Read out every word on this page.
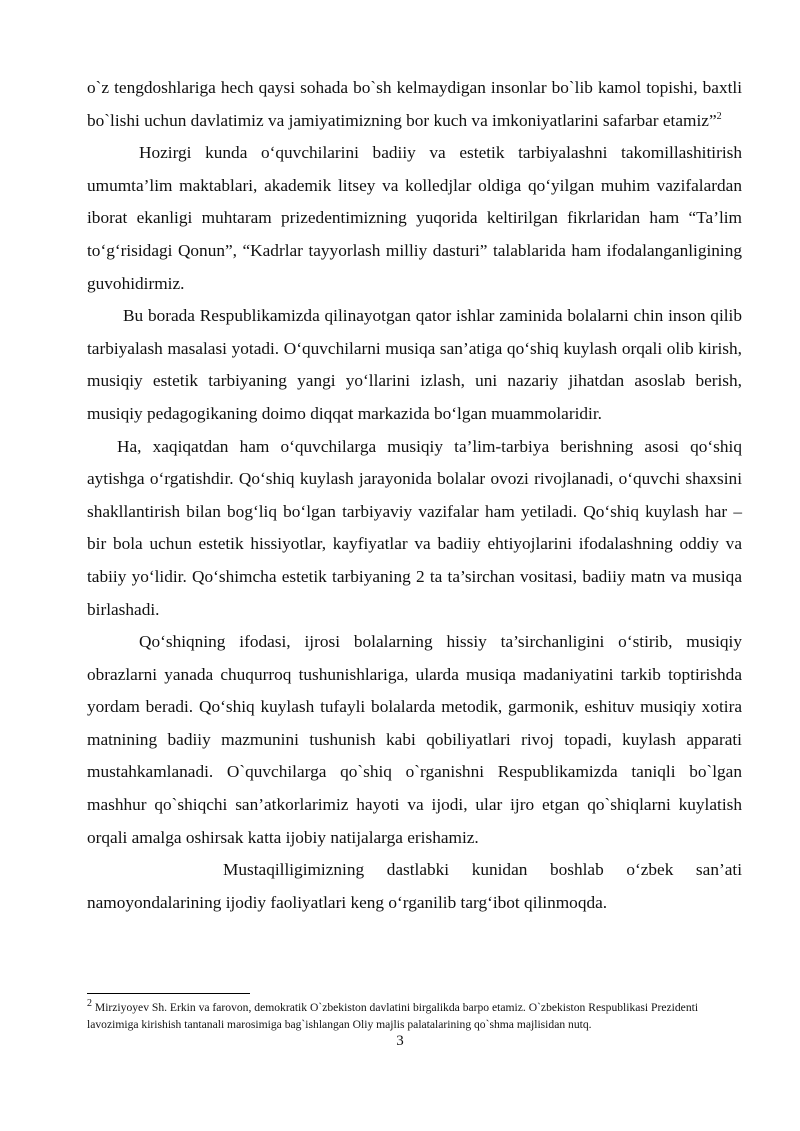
o`z tengdoshlariga hech qaysi sohada bo`sh kelmaydigan insonlar bo`lib kamol topishi, baxtli bo`lishi uchun davlatimiz va jamiyatimizning bor kuch va imkoniyatlarini safarbar etamiz”$^2$

Hozirgi kunda o‘quvchilarini badiiy va estetik tarbiyalashni takomillashitirish umumta’lim maktablari, akademik litsey va kolledjlar oldiga qo‘yilgan muhim vazifalardan iborat ekanligi muhtaram prizedentimizning yuqorida keltirilgan fikrlaridan ham “Ta’lim to‘g‘risidagi Qonun”, “Kadrlar tayyorlash milliy dasturi” talablarida ham ifodalanganligining guvohidirmiz.

Bu borada Respublikamizda qilinayotgan qator ishlar zaminida bolalarni chin inson qilib tarbiyalash masalasi yotadi. O‘quvchilarni musiqa san’atiga qo‘shiq kuylash orqali olib kirish, musiqiy estetik tarbiyaning yangi yo‘llarini izlash, uni nazariy jihatdan asoslab berish, musiqiy pedagogikaning doimo diqqat markazida bo‘lgan muammolaridir.

Ha, xaqiqatdan ham o‘quvchilarga musiqiy ta’lim-tarbiya berishning asosi qo‘shiq aytishga o‘rgatishdir. Qo‘shiq kuylash jarayonida bolalar ovozi rivojlanadi, o‘quvchi shaxsini shakllantirish bilan bog‘liq bo‘lgan tarbiyaviy vazifalar ham yetiladi. Qo‘shiq kuylash har – bir bola uchun estetik hissiyotlar, kayfiyatlar va badiiy ehtiyojlarini ifodalashning oddiy va tabiiy yo‘lidir. Qo‘shimcha estetik tarbiyaning 2 ta ta’sirchan vositasi, badiiy matn va musiqa birlashadi.

Qo‘shiqning ifodasi, ijrosi bolalarning hissiy ta’sirchanligini o‘stirib, musiqiy obrazlarni yanada chuqurroq tushunishlariga, ularda musiqa madaniyatini tarkib toptirishda yordam beradi. Qo‘shiq kuylash tufayli bolalarda metodik, garmonik, eshituv musiqiy xotira matnining badiiy mazmunini tushunish kabi qobiliyatlari rivoj topadi, kuylash apparati mustahkamlanadi. O`quvchilarga qo`shiq o`rganishni Respublikamizda taniqli bo`lgan mashhur qo`shiqchi san’atkorlarimiz hayoti va ijodi, ular ijro etgan qo`shiqlarni kuylatish orqali amalga oshirsak katta ijobiy natijalarga erishamiz.

Mustaqilligimizning dastlabki kunidan boshlab o‘zbek san’ati namoyondalarining ijodiy faoliyatlari keng o‘rganilib targ‘ibot qilinmoqda.

$^2$ Mirziyoyev Sh. Erkin va farovon, demokratik O`zbekiston davlatini birgalikda barpo etamiz. O`zbekiston Respublikasi Prezidenti lavozimiga kirishish tantanali marosimiga bag`ishlangan Oliy majlis palatalarining qo`shma majlisidan nutq.
3
